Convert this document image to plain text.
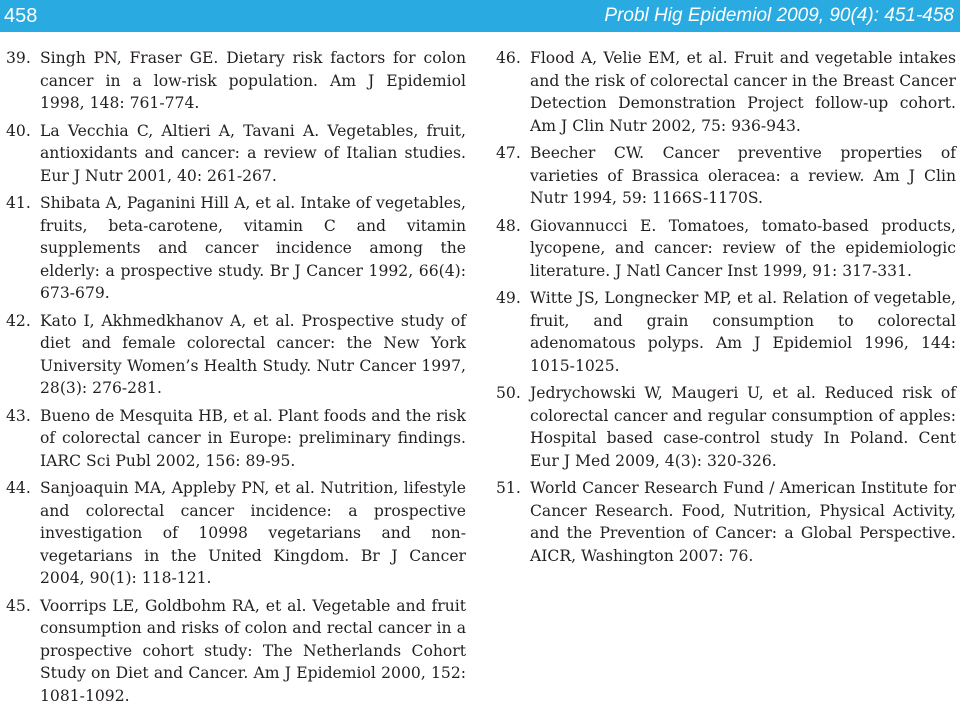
458	Probl Hig Epidemiol 2009, 90(4): 451-458
39. Singh PN, Fraser GE. Dietary risk factors for colon cancer in a low-risk population. Am J Epidemiol 1998, 148: 761-774.
40. La Vecchia C, Altieri A, Tavani A. Vegetables, fruit, antioxidants and cancer: a review of Italian studies. Eur J Nutr 2001, 40: 261-267.
41. Shibata A, Paganini Hill A, et al. Intake of vegetables, fruits, beta-carotene, vitamin C and vitamin supplements and cancer incidence among the elderly: a prospective study. Br J Cancer 1992, 66(4): 673-679.
42. Kato I, Akhmedkhanov A, et al. Prospective study of diet and female colorectal cancer: the New York University Women’s Health Study. Nutr Cancer 1997, 28(3): 276-281.
43. Bueno de Mesquita HB, et al. Plant foods and the risk of colorectal cancer in Europe: preliminary findings. IARC Sci Publ 2002, 156: 89-95.
44. Sanjoaquin MA, Appleby PN, et al. Nutrition, lifestyle and colorectal cancer incidence: a prospective investigation of 10998 vegetarians and non-vegetarians in the United Kingdom. Br J Cancer 2004, 90(1): 118-121.
45. Voorrips LE, Goldbohm RA, et al. Vegetable and fruit consumption and risks of colon and rectal cancer in a prospective cohort study: The Netherlands Cohort Study on Diet and Cancer. Am J Epidemiol 2000, 152: 1081-1092.
46. Flood A, Velie EM, et al. Fruit and vegetable intakes and the risk of colorectal cancer in the Breast Cancer Detection Demonstration Project follow-up cohort. Am J Clin Nutr 2002, 75: 936-943.
47. Beecher CW. Cancer preventive properties of varieties of Brassica oleracea: a review. Am J Clin Nutr 1994, 59: 1166S-1170S.
48. Giovannucci E. Tomatoes, tomato-based products, lycopene, and cancer: review of the epidemiologic literature. J Natl Cancer Inst 1999, 91: 317-331.
49. Witte JS, Longnecker MP, et al. Relation of vegetable, fruit, and grain consumption to colorectal adenomatous polyps. Am J Epidemiol 1996, 144: 1015-1025.
50. Jedrychowski W, Maugeri U, et al. Reduced risk of colorectal cancer and regular consumption of apples: Hospital based case-control study In Poland. Cent Eur J Med 2009, 4(3): 320-326.
51. World Cancer Research Fund / American Institute for Cancer Research. Food, Nutrition, Physical Activity, and the Prevention of Cancer: a Global Perspective. AICR, Washington 2007: 76.
